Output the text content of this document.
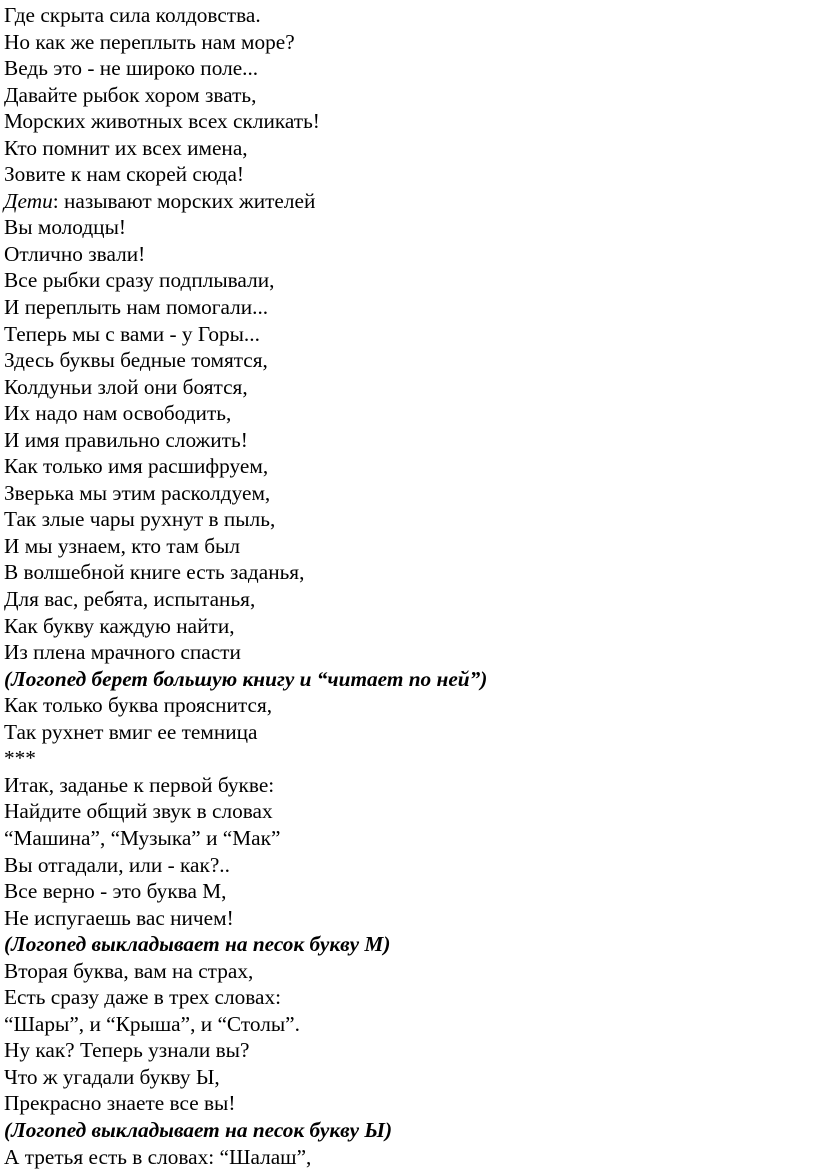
Где скрыта сила колдовства.
Но как же переплыть нам море?
Ведь это - не широко поле...
Давайте рыбок хором звать,
Морских животных всех скликать!
Кто помнит их всех имена,
Зовите к нам скорей сюда!
Дети: называют морских жителей
Вы молодцы!
Отлично звали!
Все рыбки сразу подплывали,
И переплыть нам помогали...
Теперь мы с вами - у Горы...
Здесь буквы бедные томятся,
Колдуньи злой они боятся,
Их надо нам освободить,
И имя правильно сложить!
Как только имя расшифруем,
Зверька мы этим расколдуем,
Так злые чары рухнут в пыль,
И мы узнаем, кто там был
В волшебной книге есть заданья,
Для вас, ребята, испытанья,
Как букву каждую найти,
Из плена мрачного спасти
(Логопед берет большую книгу и “читает по ней”)
Как только буква прояснится,
Так рухнет вмиг ее темница
***
Итак, заданье к первой букве:
Найдите общий звук в словах
“Машина”, “Музыка” и “Мак”
Вы отгадали, или - как?..
Все верно - это буква М,
Не испугаешь вас ничем!
(Логопед выкладывает на песок букву М)
Вторая буква, вам на страх,
Есть сразу даже в трех словах:
“Шары”, и “Крыша”, и “Столы”.
Ну как? Теперь узнали вы?
Что ж угадали букву Ы,
Прекрасно знаете все вы!
(Логопед выкладывает на песок букву Ы)
А третья есть в словах: “Шалаш”,
